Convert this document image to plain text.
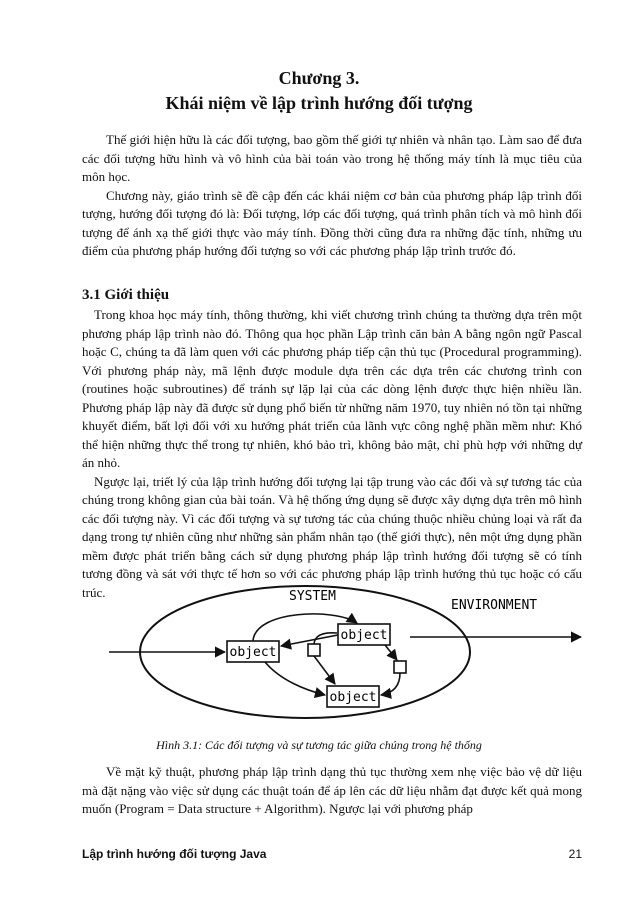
Chương 3.
Khái niệm về lập trình hướng đối tượng

Thế giới hiện hữu là các đối tượng, bao gồm thế giới tự nhiên và nhân tạo. Làm sao để đưa các đối tượng hữu hình và vô hình của bài toán vào trong hệ thống máy tính là mục tiêu của môn học.

Chương này, giáo trình sẽ đề cập đến các khái niệm cơ bản của phương pháp lập trình đối tượng, hướng đối tượng đó là: Đối tượng, lớp các đối tượng, quá trình phân tích và mô hình đối tượng để ánh xạ thế giới thực vào máy tính. Đồng thời cũng đưa ra những đặc tính, những ưu điểm của phương pháp hướng đối tượng so với các phương pháp lập trình trước đó.

3.1 Giới thiệu

Trong khoa học máy tính, thông thường, khi viết chương trình chúng ta thường dựa trên một phương pháp lập trình nào đó. Thông qua học phần Lập trình căn bản A bằng ngôn ngữ Pascal hoặc C, chúng ta đã làm quen với các phương pháp tiếp cận thủ tục (Procedural programming). Với phương pháp này, mã lệnh được module dựa trên các dựa trên các chương trình con (routines hoặc subroutines) để tránh sự lặp lại của các dòng lệnh được thực hiện nhiều lần. Phương pháp lập này đã được sử dụng phổ biến từ những năm 1970, tuy nhiên nó tồn tại những khuyết điểm, bất lợi đối với xu hướng phát triển của lãnh vực công nghệ phần mềm như: Khó thể hiện những thực thể trong tự nhiên, khó bảo trì, không bảo mật, chỉ phù hợp với những dự án nhỏ.

Ngược lại, triết lý của lập trình hướng đối tượng lại tập trung vào các đối và sự tương tác của chúng trong không gian của bài toán. Và hệ thống ứng dụng sẽ được xây dựng dựa trên mô hình các đối tượng này. Vì các đối tượng và sự tương tác của chúng thuộc nhiều chủng loại và rất đa dạng trong tự nhiên cũng như những sản phẩm nhân tạo (thế giới thực), nên một ứng dụng phần mềm được phát triển bằng cách sử dụng phương pháp lập trình hướng đối tượng sẽ có tính tương đồng và sát với thực tế hơn so với các phương pháp lập trình hướng thủ tục hoặc có cấu trúc.	SYSTEM
ENVIRONMENT
object
object
object
Hình 3.1: Các đối tượng và sự tương tác giữa chúng trong hệ thống

Về mặt kỹ thuật, phương pháp lập trình dạng thủ tục thường xem nhẹ việc bảo vệ dữ liệu mà đặt nặng vào việc sử dụng các thuật toán để áp lên các dữ liệu nhằm đạt được kết quả mong muốn (Program = Data structure + Algorithm). Ngược lại với phương pháp

Lập trình hướng đối tượng Java	21
